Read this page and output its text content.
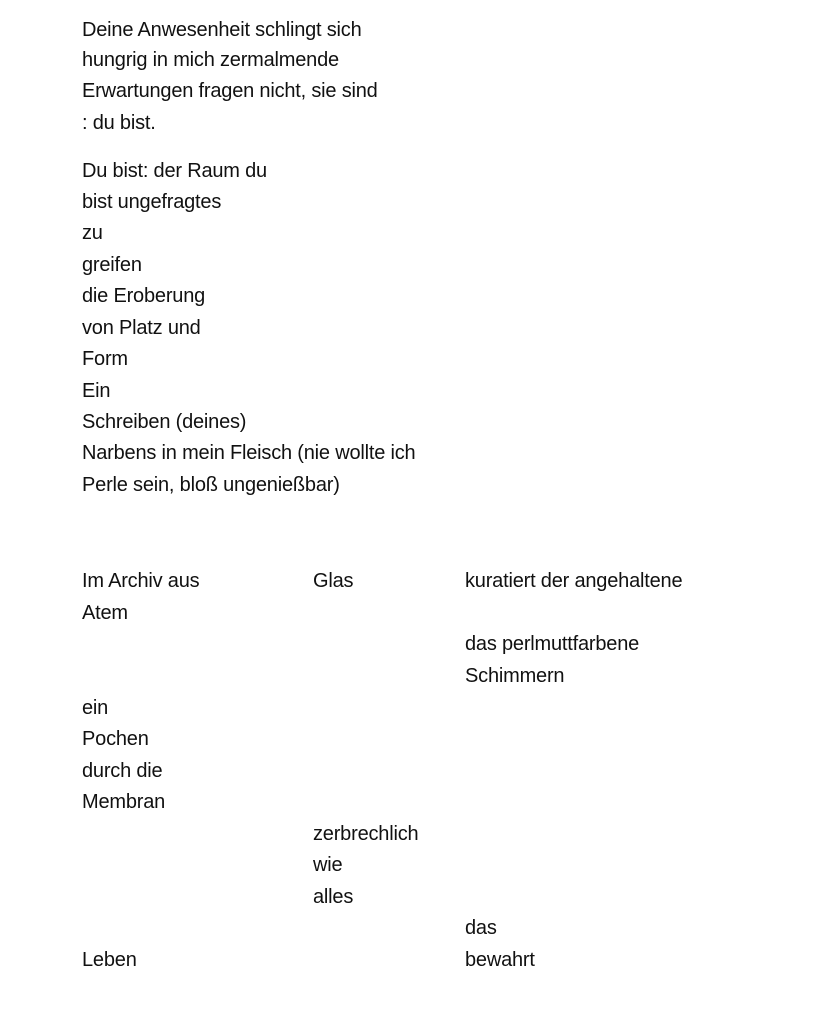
Deine Anwesenheit schlingt sich
hungrig in mich zermalmende
Erwartungen fragen nicht, sie sind
: du bist.
Du bist: der Raum du
bist ungefragtes
zu
greifen
die Eroberung
von Platz und
Form
Ein
Schreiben (deines)
Narbens in mein Fleisch (nie wollte ich
Perle sein, bloß ungenießbar)
Im Archiv aus
Atem
ein
Pochen
durch die
Membran
Leben
Glas
zerbrechlich
wie
alles
kuratiert der angehaltene
das perlmuttfarbene
Schimmern
das
bewahrt
